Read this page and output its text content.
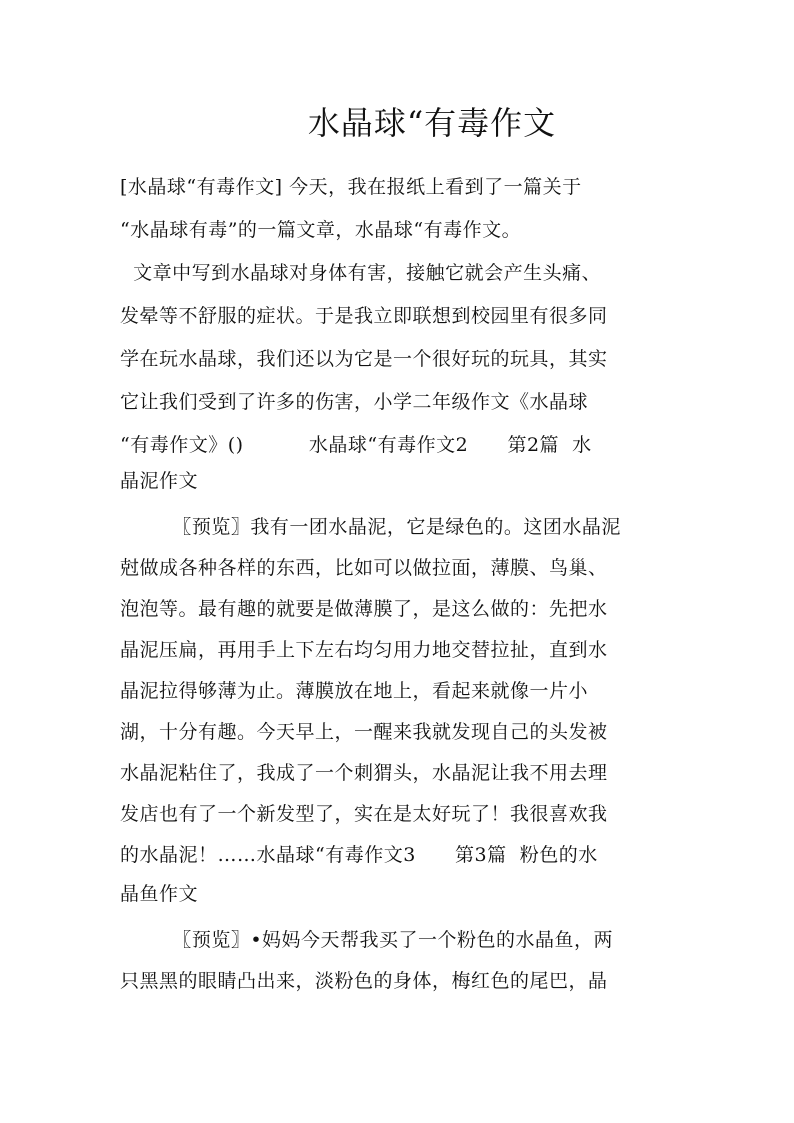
水晶球“有毒作文
[水晶球“有毒作文] 今天，我在报纸上看到了一篇关于
“水晶球有毒”的一篇文章，水晶球“有毒作文。
文章中写到水晶球对身体有害，接触它就会产生头痛、
发晕等不舒服的症状。于是我立即联想到校园里有很多同
学在玩水晶球，我们还以为它是一个很好玩的玩具，其实
它让我们受到了许多的伤害，小学二年级作文《水晶球
“有毒作文》()          水晶球“有毒作文2      第2篇  水
晶泥作文
〖预览〗我有一团水晶泥，它是绿色的。这团水晶泥
尅做成各种各样的东西，比如可以做拉面，薄膜、鸟巢、
泡泡等。最有趣的就要是做薄膜了，是这么做的：先把水
晶泥压扁，再用手上下左右均匀用力地交替拉扯，直到水
晶泥拉得够薄为止。薄膜放在地上，看起来就像一片小
湖，十分有趣。今天早上，一醒来我就发现自己的头发被
水晶泥粘住了，我成了一个刺猬头，水晶泥让我不用去理
发店也有了一个新发型了，实在是太好玩了！我很喜欢我
的水晶泥！……水晶球“有毒作文3      第3篇  粉色的水
晶鱼作文
〖预览〗•妈妈今天帮我买了一个粉色的水晶鱼，两
只黑黑的眼睛凸出来，淡粉色的身体，梅红色的尾巴，晶
